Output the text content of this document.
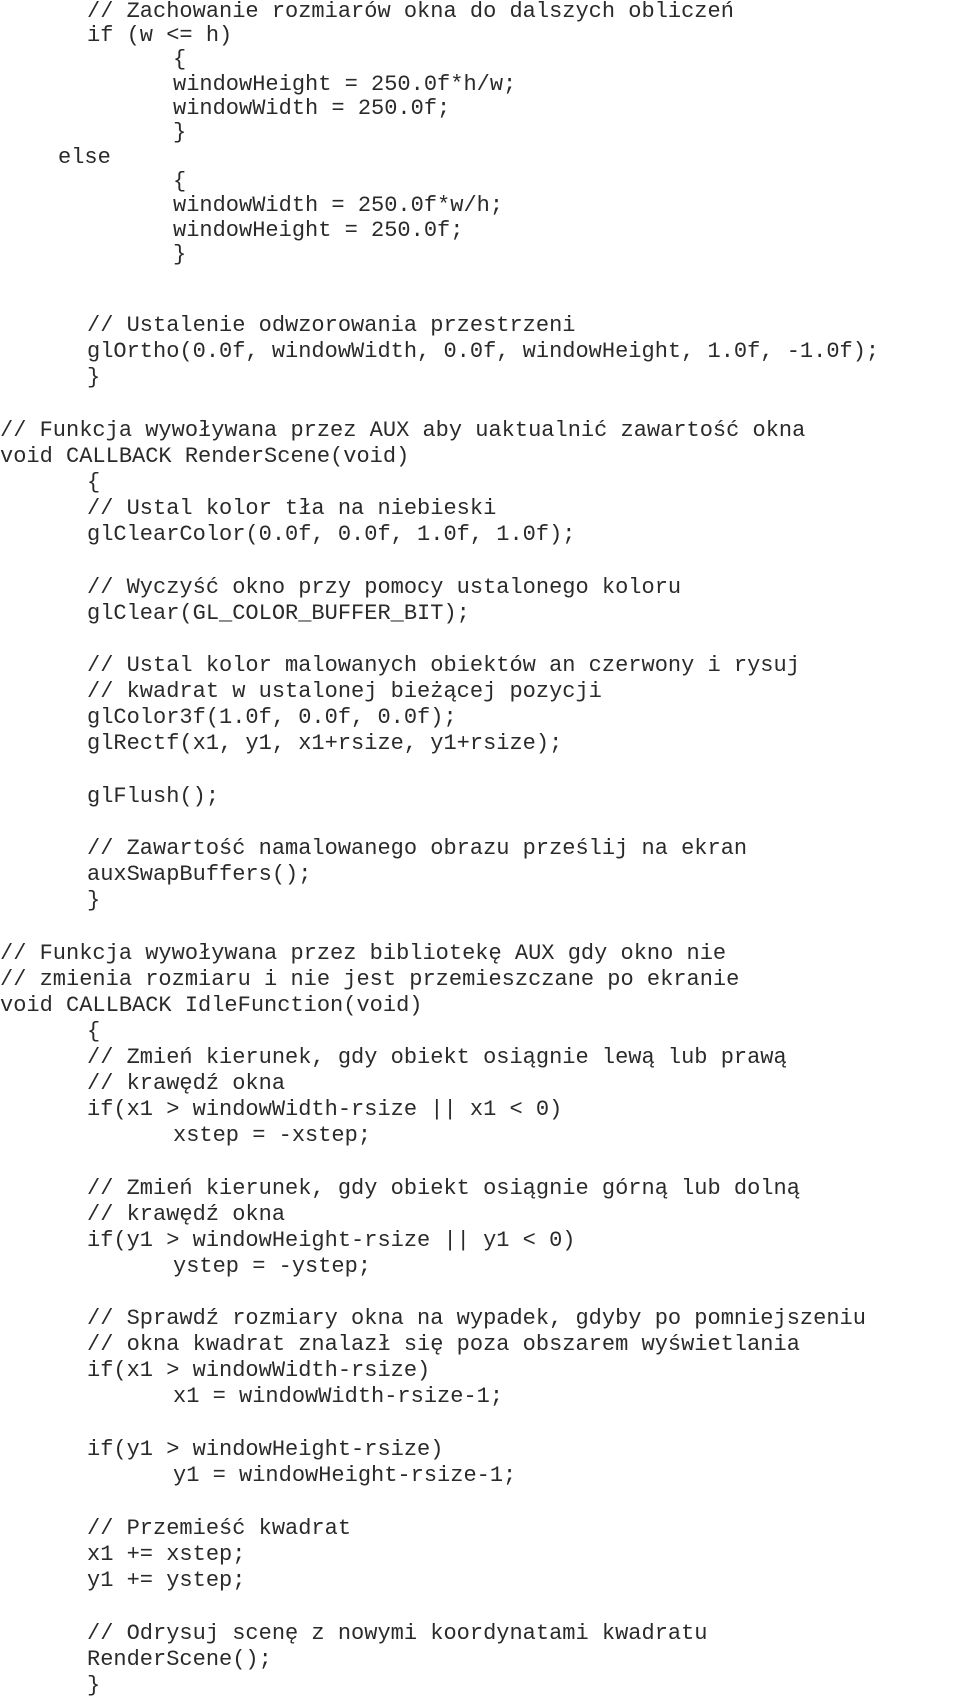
// Zachowanie rozmiarów okna do dalszych obliczeń
if (w <= h)
{
windowHeight = 250.0f*h/w;
windowWidth = 250.0f;
}
else
{
windowWidth = 250.0f*w/h;
windowHeight = 250.0f;
}
// Ustalenie odwzorowania przestrzeni
glOrtho(0.0f, windowWidth, 0.0f, windowHeight, 1.0f, -1.0f);
}
// Funkcja wywoływana przez AUX aby uaktualnić zawartość okna
void CALLBACK RenderScene(void)
{
// Ustal kolor tła na niebieski
glClearColor(0.0f, 0.0f, 1.0f, 1.0f);
// Wyczyść okno przy pomocy ustalonego koloru
glClear(GL_COLOR_BUFFER_BIT);
// Ustal kolor malowanych obiektów an czerwony i rysuj
// kwadrat w ustalonej bieżącej pozycji
glColor3f(1.0f, 0.0f, 0.0f);
glRectf(x1, y1, x1+rsize, y1+rsize);
glFlush();
// Zawartość namalowanego obrazu prześlij na ekran
auxSwapBuffers();
}
// Funkcja wywoływana przez bibliotekę AUX gdy okno nie
// zmienia rozmiaru i nie jest przemieszczane po ekranie
void CALLBACK IdleFunction(void)
{
// Zmień kierunek, gdy obiekt osiągnie lewą lub prawą
// krawędź okna
if(x1 > windowWidth-rsize || x1 < 0)
xstep = -xstep;
// Zmień kierunek, gdy obiekt osiągnie górną lub dolną
// krawędź okna
if(y1 > windowHeight-rsize || y1 < 0)
ystep = -ystep;
// Sprawdź rozmiary okna na wypadek, gdyby po pomniejszeniu
// okna kwadrat znalazł się poza obszarem wyświetlania
if(x1 > windowWidth-rsize)
x1 = windowWidth-rsize-1;
if(y1 > windowHeight-rsize)
y1 = windowHeight-rsize-1;
// Przemieść kwadrat
x1 += xstep;
y1 += ystep;
// Odrysuj scenę z nowymi koordynatami kwadratu
RenderScene();
}
